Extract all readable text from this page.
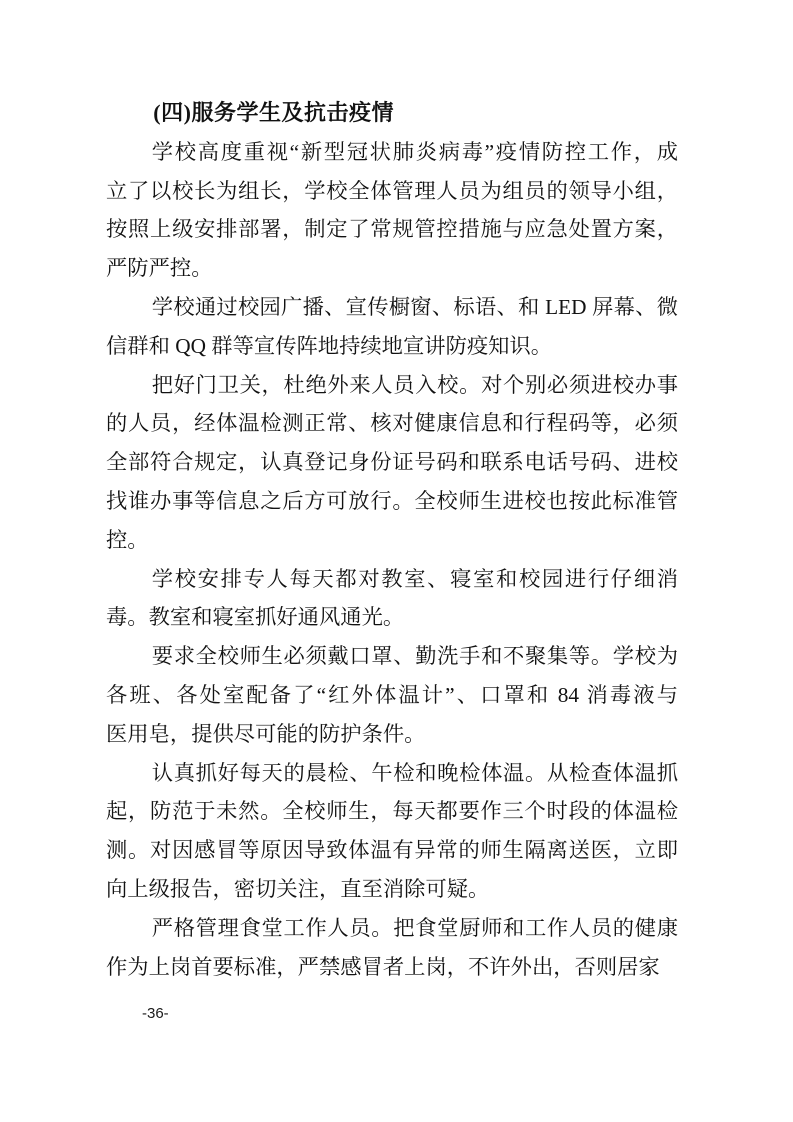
(四)服务学生及抗击疫情
学校高度重视“新型冠状肺炎病毒”疫情防控工作，成
立了以校长为组长，学校全体管理人员为组员的领导小组，
按照上级安排部署，制定了常规管控措施与应急处置方案，
严防严控。
学校通过校园广播、宣传橱窗、标语、和 LED 屏幕、微
信群和 QQ 群等宣传阵地持续地宣讲防疫知识。
把好门卫关，杜绝外来人员入校。对个别必须进校办事
的人员，经体温检测正常、核对健康信息和行程码等，必须
全部符合规定，认真登记身份证号码和联系电话号码、进校
找谁办事等信息之后方可放行。全校师生进校也按此标准管
控。
学校安排专人每天都对教室、寝室和校园进行仔细消
毒。教室和寝室抓好通风通光。
要求全校师生必须戴口罩、勤洗手和不聚集等。学校为
各班、各处室配备了“红外体温计”、口罩和 84 消毒液与
医用皂，提供尽可能的防护条件。
认真抓好每天的晨检、午检和晚检体温。从检查体温抓
起，防范于未然。全校师生，每天都要作三个时段的体温检
测。对因感冒等原因导致体温有异常的师生隔离送医，立即
向上级报告，密切关注，直至消除可疑。
严格管理食堂工作人员。把食堂厨师和工作人员的健康
作为上岗首要标准，严禁感冒者上岗，不许外出，否则居家
-36-
